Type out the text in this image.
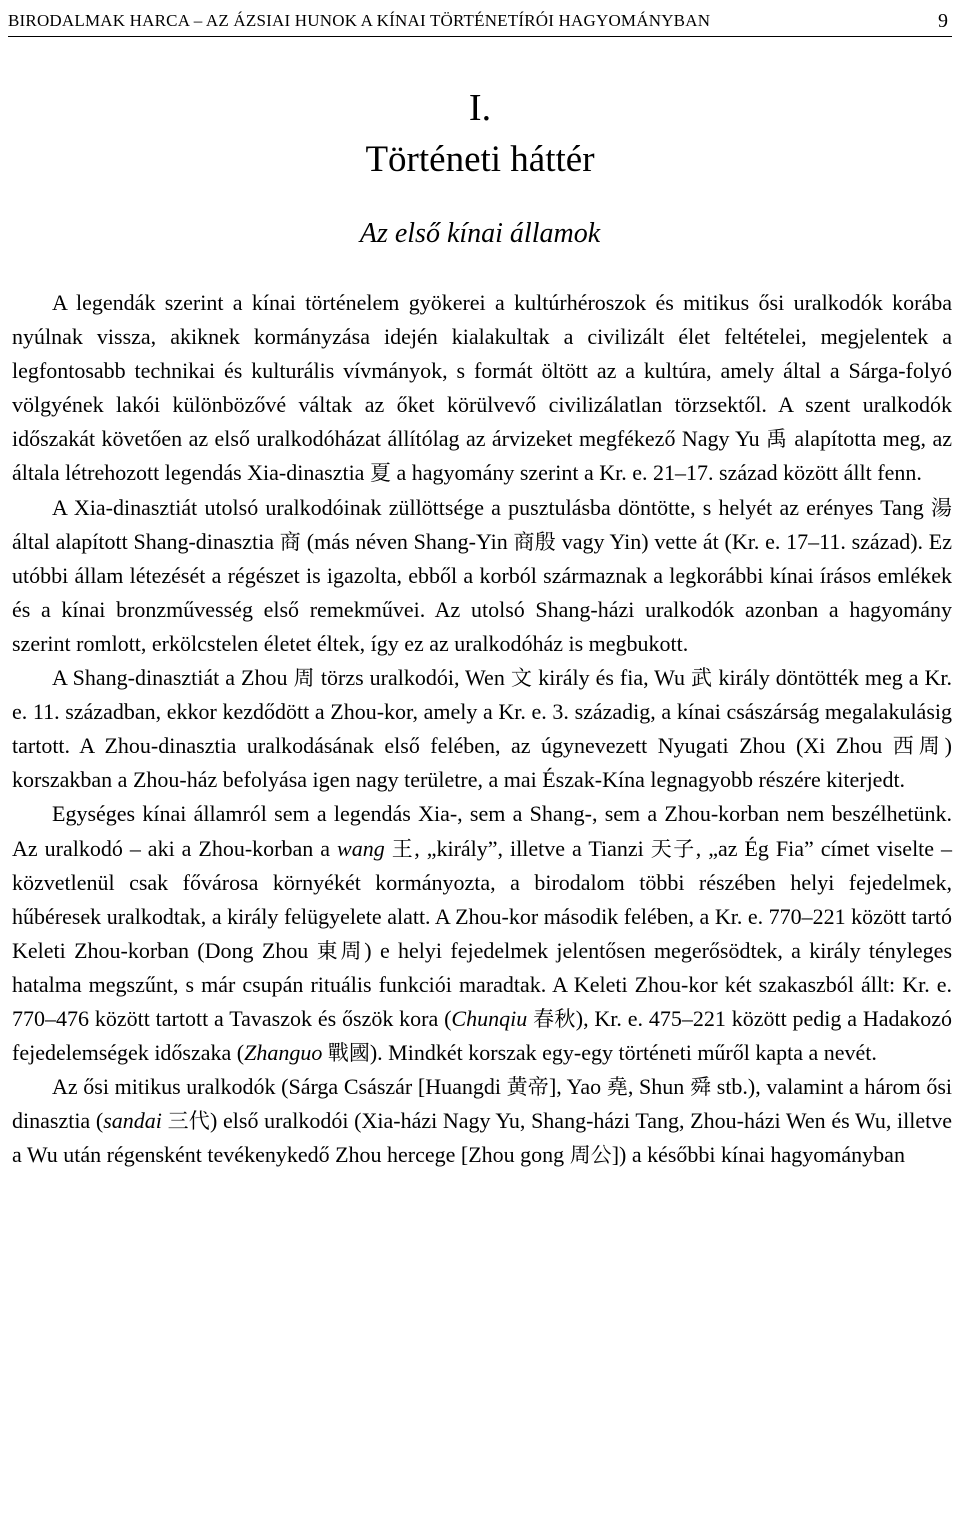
BIRODALMAK HARCA – AZ ÁZSIAI HUNOK A KÍNAI TÖRTÉNETÍRÓI HAGYOMÁNYBAN	9
I.
Történeti háttér
Az első kínai államok

A legendák szerint a kínai történelem gyökerei a kultúrhéroszok és mitikus ősi uralkodók korába nyúlnak vissza, akiknek kormányzása idején kialakultak a civilizált élet feltételei, megjelentek a legfontosabb technikai és kulturális vívmányok, s formát öltött az a kultúra, amely által a Sárga-folyó völgyének lakói különbözővé váltak az őket körülvevő civilizálatlan törzsektől. A szent uralkodók időszakát követően az első uralkodóházat állítólag az árvizeket megfékező Nagy Yu 禹 alapította meg, az általa létrehozott legendás Xia-dinasztia 夏 a hagyomány szerint a Kr. e. 21–17. század között állt fenn.

A Xia-dinasztiát utolsó uralkodóinak züllöttsége a pusztulásba döntötte, s helyét az erényes Tang 湯 által alapított Shang-dinasztia 商 (más néven Shang-Yin 商殷 vagy Yin) vette át (Kr. e. 17–11. század). Ez utóbbi állam létezését a régészet is igazolta, ebből a korból származnak a legkorábbi kínai írásos emlékek és a kínai bronzművesség első remekművei. Az utolsó Shang-házi uralkodók azonban a hagyomány szerint romlott, erkölcstelen életet éltek, így ez az uralkodóház is megbukott.

A Shang-dinasztiát a Zhou 周 törzs uralkodói, Wen 文 király és fia, Wu 武 király döntötték meg a Kr. e. 11. században, ekkor kezdődött a Zhou-kor, amely a Kr. e. 3. századig, a kínai császárság megalakulásig tartott. A Zhou-dinasztia uralkodásának első felében, az úgynevezett Nyugati Zhou (Xi Zhou 西周) korszakban a Zhou-ház befolyása igen nagy területre, a mai Észak-Kína legnagyobb részére kiterjedt.

Egységes kínai államról sem a legendás Xia-, sem a Shang-, sem a Zhou-korban nem beszélhetünk. Az uralkodó – aki a Zhou-korban a wang 王, „király”, illetve a Tianzi 天子, „az Ég Fia” címet viselte – közvetlenül csak fővárosa környékét kormányozta, a birodalom többi részében helyi fejedelmek, hűbéresek uralkodtak, a király felügyelete alatt. A Zhou-kor második felében, a Kr. e. 770–221 között tartó Keleti Zhou-korban (Dong Zhou 東周) e helyi fejedelmek jelentősen megerősödtek, a király tényleges hatalma megszűnt, s már csupán rituális funkciói maradtak. A Keleti Zhou-kor két szakaszból állt: Kr. e. 770–476 között tartott a Tavaszok és őszök kora (Chunqiu 春秋), Kr. e. 475–221 között pedig a Hadakozó fejedelemségek időszaka (Zhanguo 戰國). Mindkét korszak egy-egy történeti műről kapta a nevét.

Az ősi mitikus uralkodók (Sárga Császár [Huangdi 黄帝], Yao 堯, Shun 舜 stb.), valamint a három ősi dinasztia (sandai 三代) első uralkodói (Xia-házi Nagy Yu, Shang-házi Tang, Zhou-házi Wen és Wu, illetve a Wu után régensként tevékenykedő Zhou hercege [Zhou gong 周公]) a későbbi kínai hagyományban
